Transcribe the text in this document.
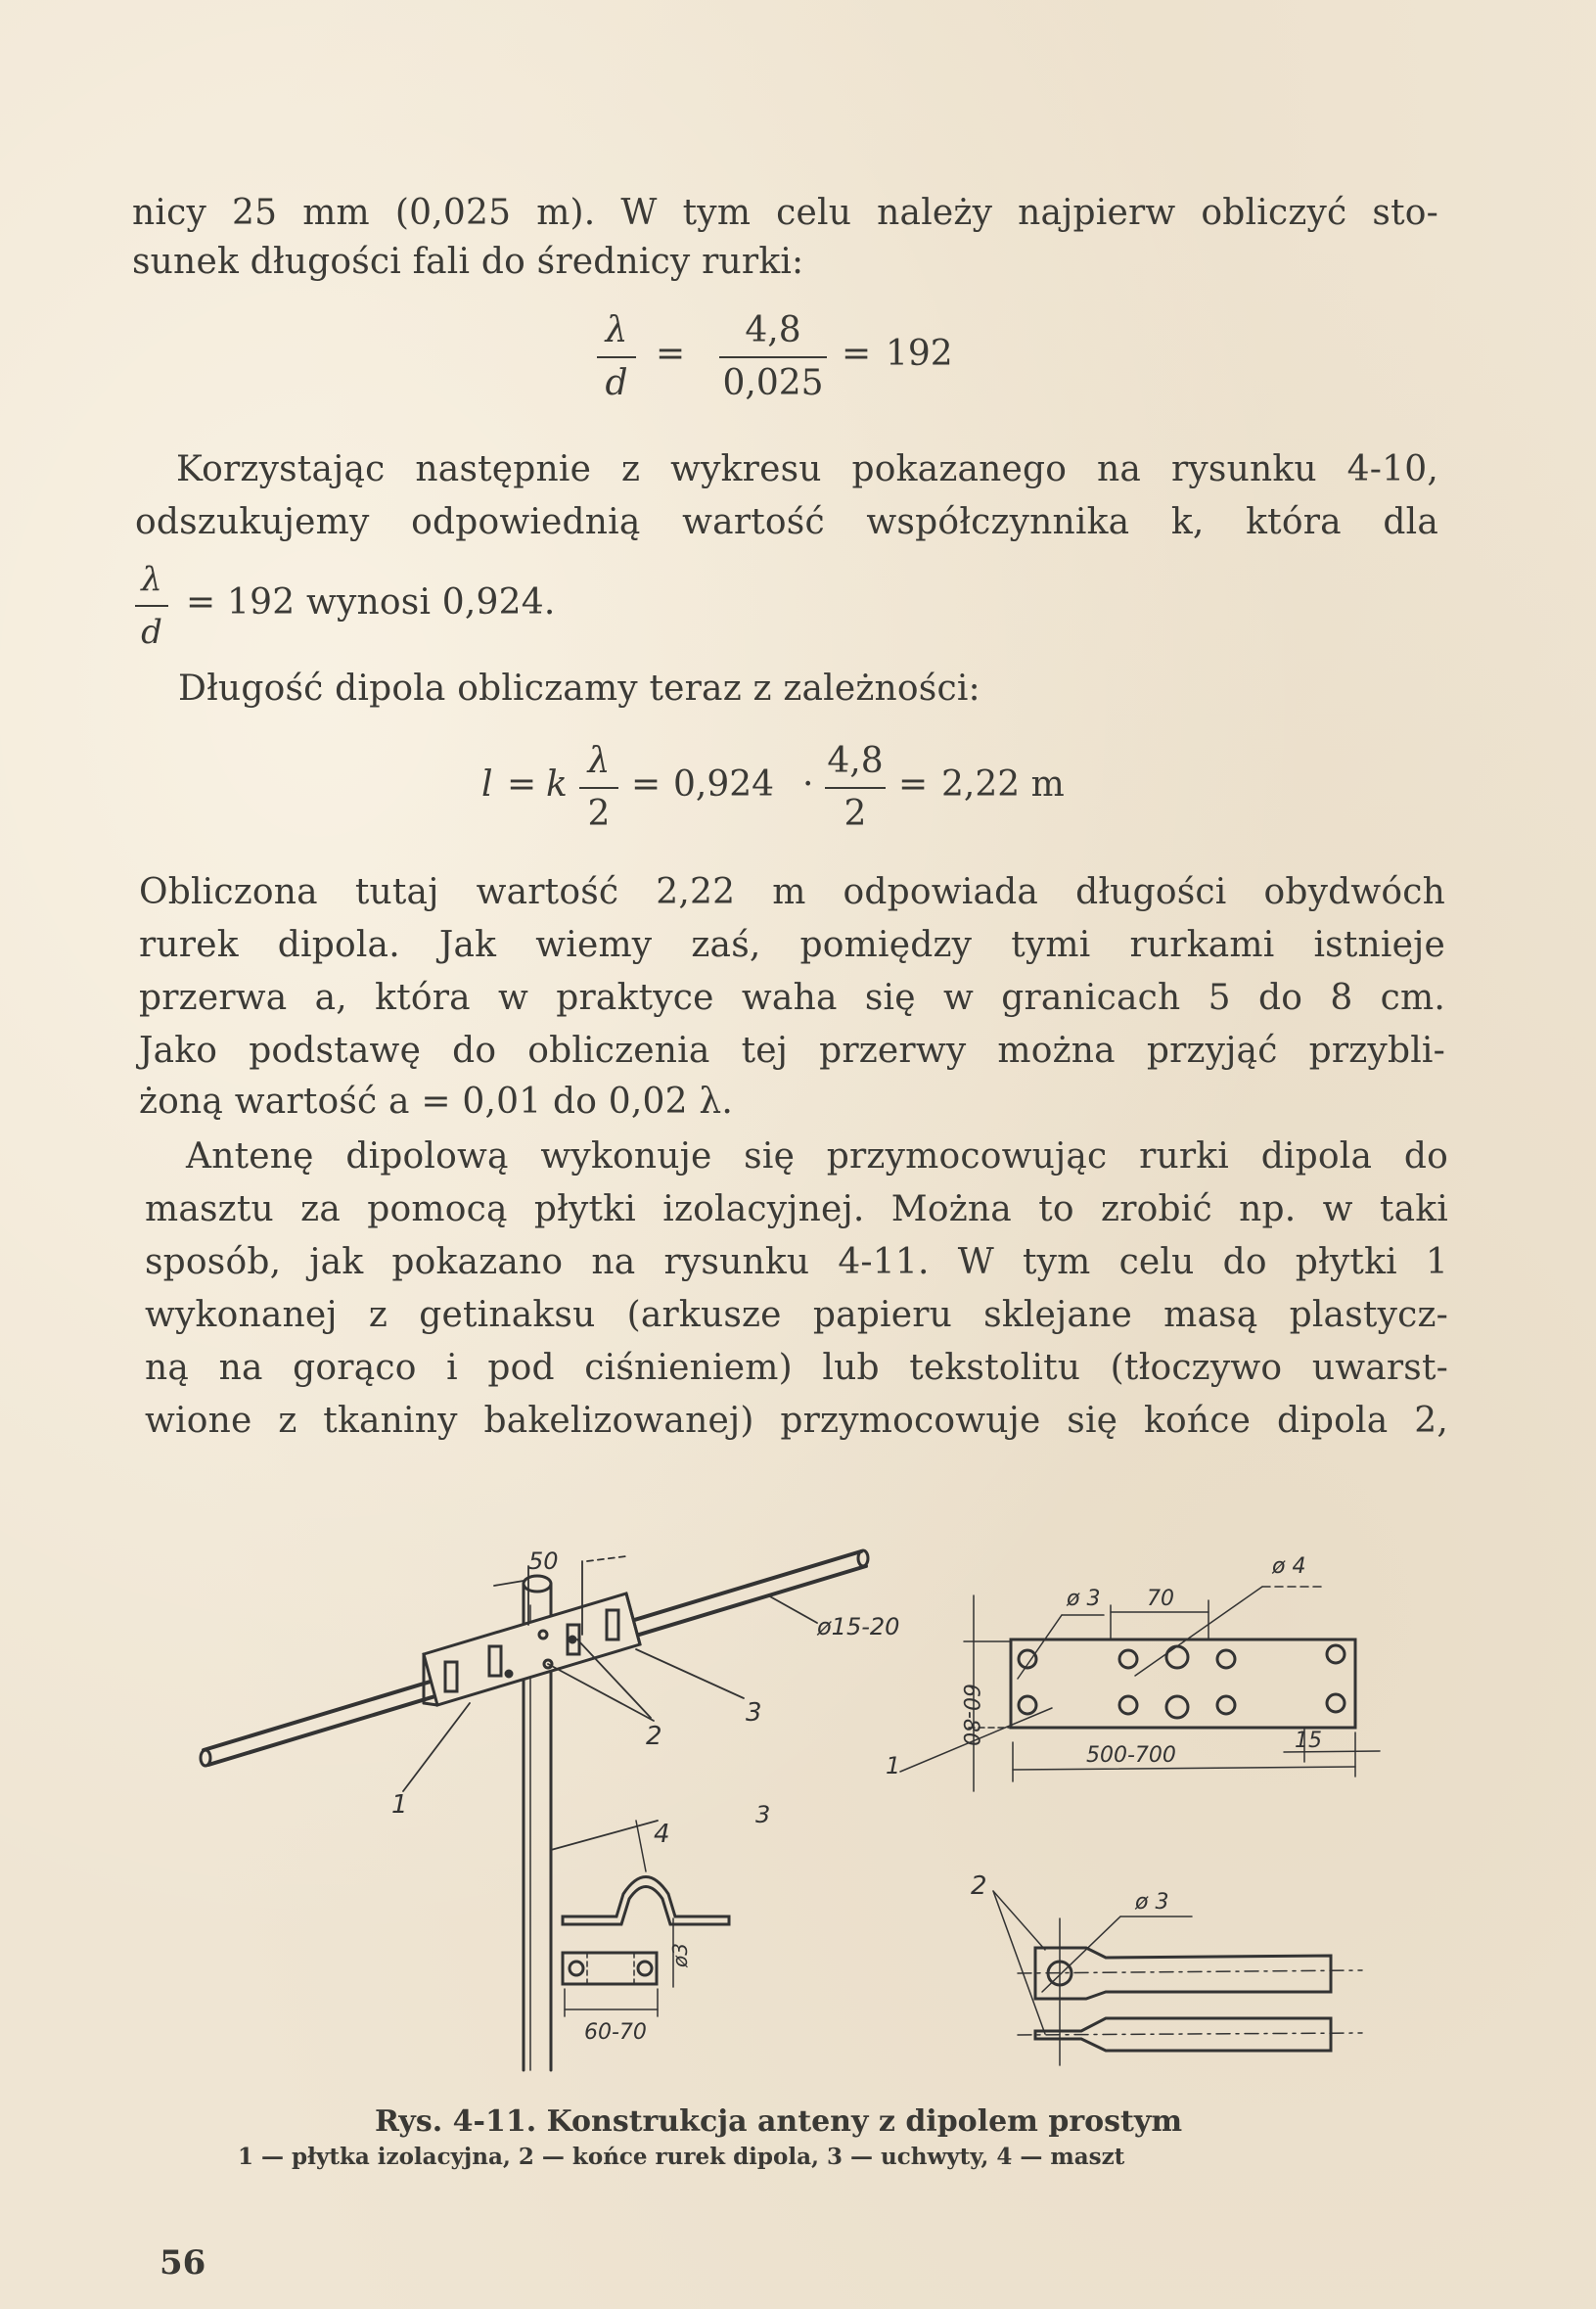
nicy 25 mm (0,025 m). W tym celu należy najpierw obliczyć sto-
sunek długości fali do średnicy rurki:
λ
d
=
4,8
0,025
= 192
Korzystając następnie z wykresu pokazanego na rysunku 4-10,
odszukujemy odpowiednią wartość współczynnika k, która dla
λ
d
= 192 wynosi 0,924.
Długość dipola obliczamy teraz z zależności:
l = k
λ
2
= 0,924 ·
4,8
2
= 2,22 m
Obliczona tutaj wartość 2,22 m odpowiada długości obydwóch
rurek dipola. Jak wiemy zaś, pomiędzy tymi rurkami istnieje
przerwa a, która w praktyce waha się w granicach 5 do 8 cm.
Jako podstawę do obliczenia tej przerwy można przyjąć przybli-
żoną wartość a = 0,01 do 0,02 λ.
Antenę dipolową wykonuje się przymocowując rurki dipola do
masztu za pomocą płytki izolacyjnej. Można to zrobić np. w taki
sposób, jak pokazano na rysunku 4-11. W tym celu do płytki 1
wykonanej z getinaksu (arkusze papieru sklejane masą plastycz-
ną na gorąco i pod ciśnieniem) lub tekstolitu (tłoczywo uwarst-
wione z tkaniny bakelizowanej) przymocowuje się końce dipola 2,
50
ø15-20
1
2
3
4
ø 3 70
ø 4
60-80
500-700
15
1
3
ø3
60-70
2
ø 3
Rys. 4-11. Konstrukcja anteny z dipolem prostym
1 — płytka izolacyjna, 2 — końce rurek dipola, 3 — uchwyty, 4 — maszt
56
